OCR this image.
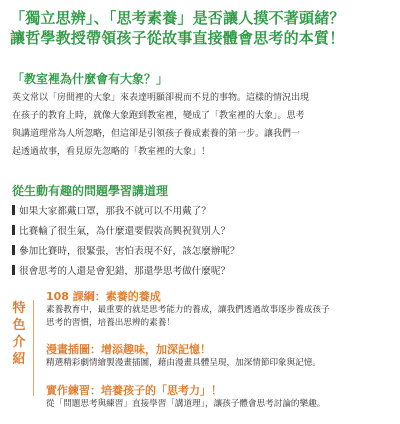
「獨立思辨」、「思考素養」是否讓人摸不著頭緒？
讓哲學教授帶領孩子從故事直接體會思考的本質！
「教室裡為什麼會有大象？」
英文常以「房間裡的大象」來表達明顯卻視而不見的事物。這樣的情況出現
在孩子的教育上時，就像大象跑到教室裡，變成了「教室裡的大象」。思考
與講道理常為人所忽略，但這卻是引領孩子養成素養的第一步。讓我們一
起透過故事，看見原先忽略的「教室裡的大象」！
從生動有趣的問題學習講道理
如果大家都戴口罩，那我不就可以不用戴了？
比賽輸了很生氣，為什麼還要假裝高興祝賀別人？
參加比賽時，很緊張，害怕表現不好，該怎麼辦呢？
很會思考的人還是會犯錯，那還學思考做什麼呢？
特
色
介
紹
108 課綱：素養的養成
素養教育中，最重要的就是思考能力的養成，讓我們透過故事逐步養成孩子
思考的習慣，培養出思辨的素養！
漫畫插圖：增添趣味，加深記憶！
精選精彩劇情繪製漫畫插圖，藉由漫畫具體呈現，加深情節印象與記憶。
實作練習：培養孩子的「思考力」！
從「問題思考與練習」直接學習「講道理」，讓孩子體會思考討論的樂趣。
